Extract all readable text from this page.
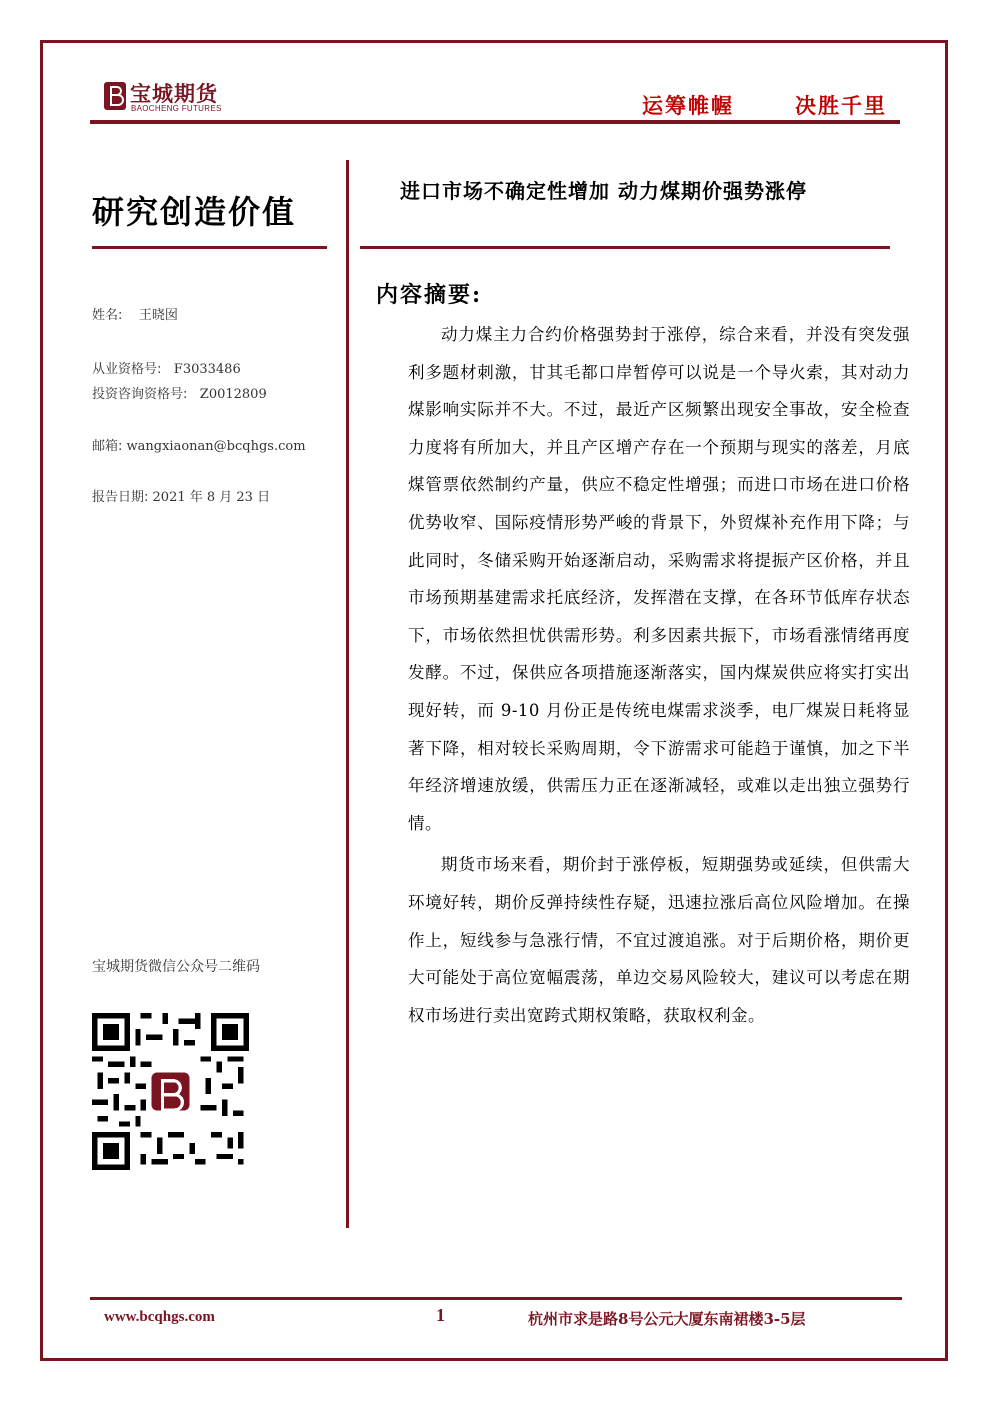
宝城期货
BAOCHENG FUTURES	运筹帷幄	决胜千里
研究创造价值
姓名: 王晓囡
从业资格号: F3033486
投资咨询资格号: Z0012809
邮箱: wangxiaonan@bcqhgs.com
报告日期: 2021 年 8 月 23 日
宝城期货微信公众号二维码
进口市场不确定性增加 动力煤期价强势涨停
内容摘要:

动力煤主力合约价格强势封于涨停，综合来看，并没有突发强利多题材刺激，甘其毛都口岸暂停可以说是一个导火索，其对动力煤影响实际并不大。不过，最近产区频繁出现安全事故，安全检查力度将有所加大，并且产区增产存在一个预期与现实的落差，月底煤管票依然制约产量，供应不稳定性增强；而进口市场在进口价格优势收窄、国际疫情形势严峻的背景下，外贸煤补充作用下降；与此同时，冬储采购开始逐渐启动，采购需求将提振产区价格，并且市场预期基建需求托底经济，发挥潜在支撑，在各环节低库存状态下，市场依然担忧供需形势。利多因素共振下，市场看涨情绪再度发酵。不过，保供应各项措施逐渐落实，国内煤炭供应将实打实出现好转，而 9-10 月份正是传统电煤需求淡季，电厂煤炭日耗将显著下降，相对较长采购周期，令下游需求可能趋于谨慎，加之下半年经济增速放缓，供需压力正在逐渐减轻，或难以走出独立强势行情。

期货市场来看，期价封于涨停板，短期强势或延续，但供需大环境好转，期价反弹持续性存疑，迅速拉涨后高位风险增加。在操作上，短线参与急涨行情，不宜过渡追涨。对于后期价格，期价更大可能处于高位宽幅震荡，单边交易风险较大，建议可以考虑在期权市场进行卖出宽跨式期权策略，获取权利金。

www.bcqhgs.com	1	杭州市求是路8号公元大厦东南裙楼3-5层
